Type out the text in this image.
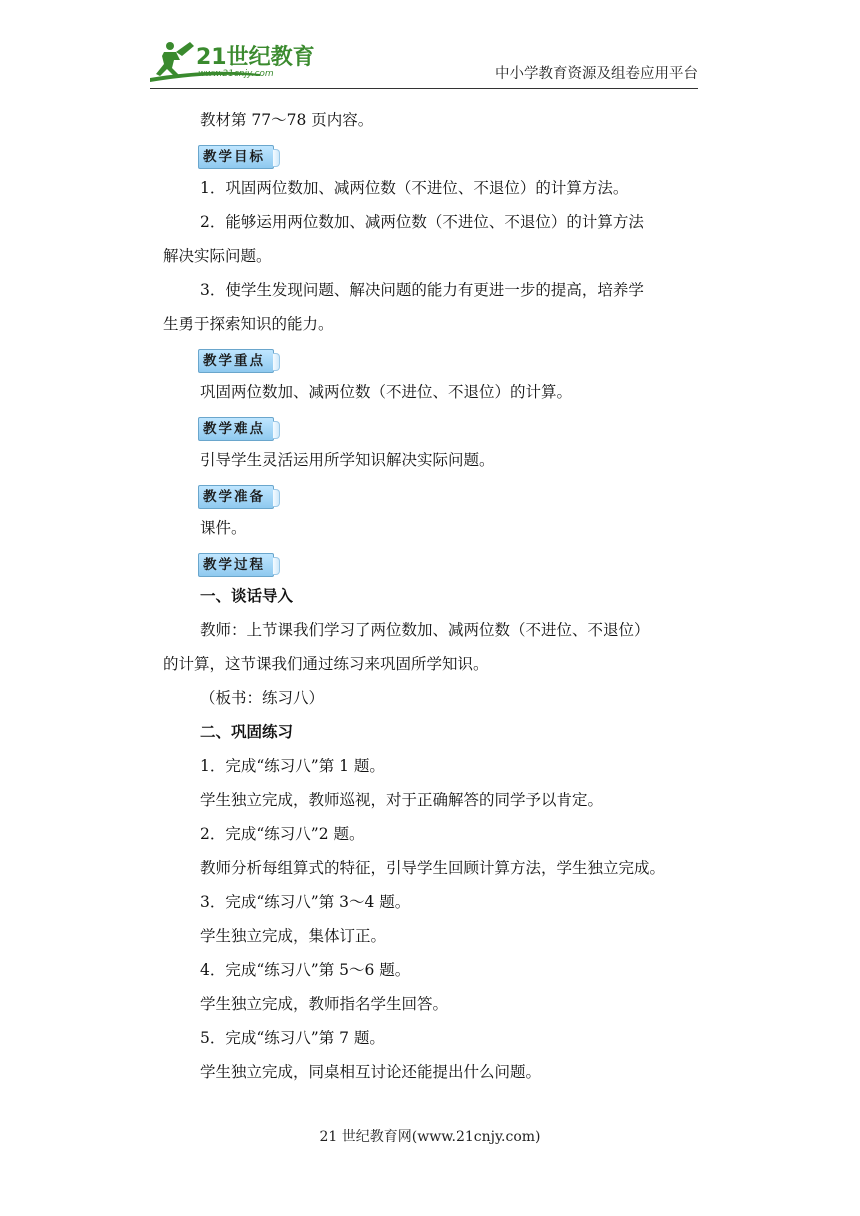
21世纪教育
www.21cnjy.com	中小学教育资源及组卷应用平台

教材第 77～78 页内容。

教学目标

1．巩固两位数加、减两位数（不进位、不退位）的计算方法。

2．能够运用两位数加、减两位数（不进位、不退位）的计算方法

解决实际问题。

3．使学生发现问题、解决问题的能力有更进一步的提高，培养学

生勇于探索知识的能力。

教学重点

巩固两位数加、减两位数（不进位、不退位）的计算。

教学难点

引导学生灵活运用所学知识解决实际问题。

教学准备

课件。

教学过程

一、谈话导入

教师：上节课我们学习了两位数加、减两位数（不进位、不退位）

的计算，这节课我们通过练习来巩固所学知识。

（板书：练习八）

二、巩固练习

1．完成“练习八”第 1 题。

学生独立完成，教师巡视，对于正确解答的同学予以肯定。

2．完成“练习八”2 题。

教师分析每组算式的特征，引导学生回顾计算方法，学生独立完成。

3．完成“练习八”第 3～4 题。

学生独立完成，集体订正。

4．完成“练习八”第 5～6 题。

学生独立完成，教师指名学生回答。

5．完成“练习八”第 7 题。

学生独立完成，同桌相互讨论还能提出什么问题。

21 世纪教育网(www.21cnjy.com)
